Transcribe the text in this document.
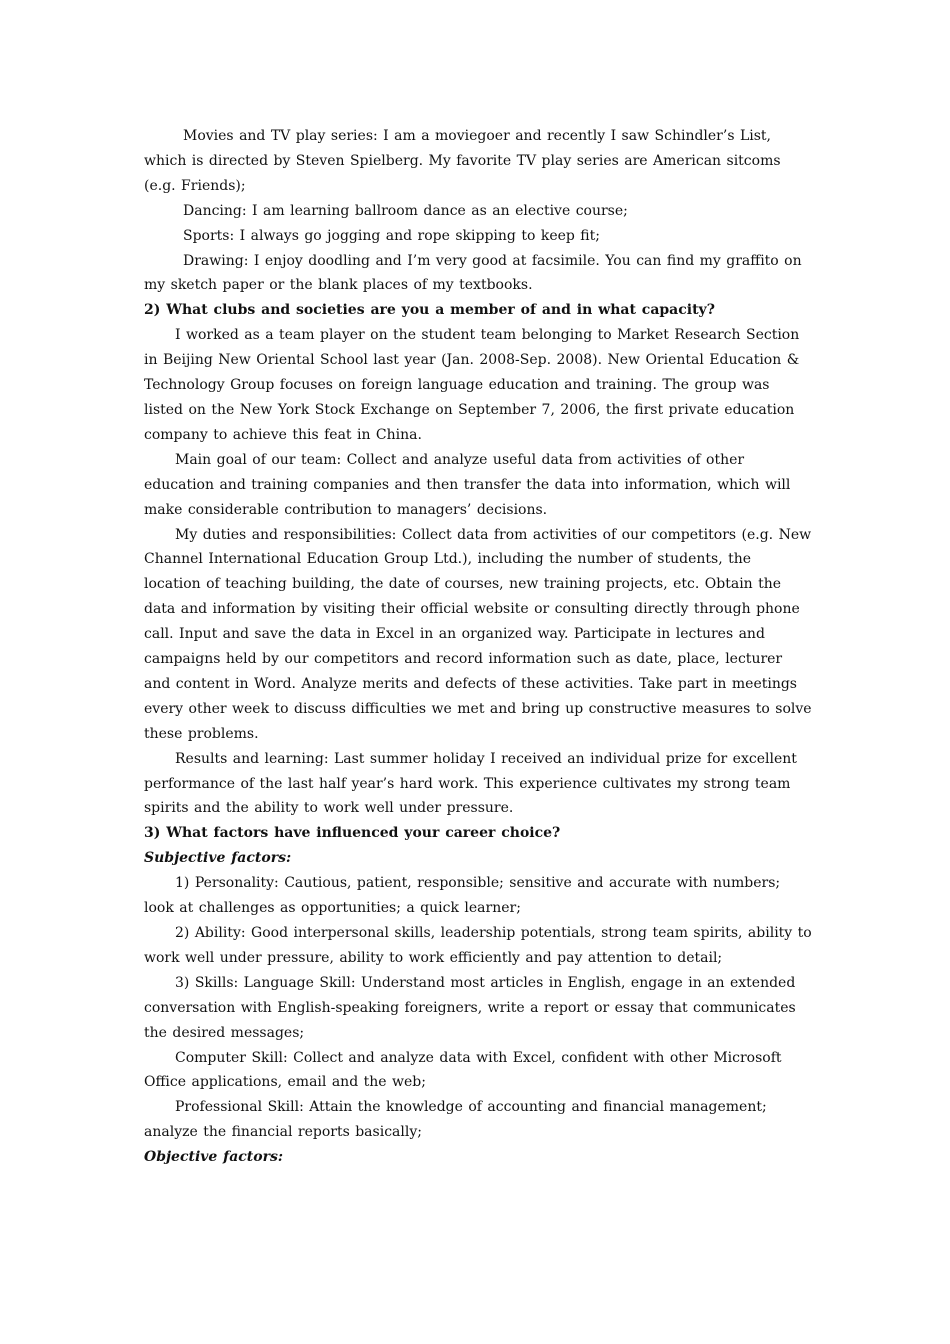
Movies and TV play series: I am a moviegoer and recently I saw Schindler’s List, which is directed by Steven Spielberg. My favorite TV play series are American sitcoms (e.g. Friends);

Dancing: I am learning ballroom dance as an elective course;

Sports: I always go jogging and rope skipping to keep fit;

Drawing: I enjoy doodling and I’m very good at facsimile. You can find my graffito on my sketch paper or the blank places of my textbooks.

2) What clubs and societies are you a member of and in what capacity?

I worked as a team player on the student team belonging to Market Research Section in Beijing New Oriental School last year (Jan. 2008-Sep. 2008). New Oriental Education & Technology Group focuses on foreign language education and training. The group was listed on the New York Stock Exchange on September 7, 2006, the first private education company to achieve this feat in China.

Main goal of our team: Collect and analyze useful data from activities of other education and training companies and then transfer the data into information, which will make considerable contribution to managers’ decisions.

My duties and responsibilities: Collect data from activities of our competitors (e.g. New Channel International Education Group Ltd.), including the number of students, the location of teaching building, the date of courses, new training projects, etc. Obtain the data and information by visiting their official website or consulting directly through phone call. Input and save the data in Excel in an organized way. Participate in lectures and campaigns held by our competitors and record information such as date, place, lecturer and content in Word. Analyze merits and defects of these activities. Take part in meetings every other week to discuss difficulties we met and bring up constructive measures to solve these problems.

Results and learning: Last summer holiday I received an individual prize for excellent performance of the last half year’s hard work. This experience cultivates my strong team spirits and the ability to work well under pressure.

3) What factors have influenced your career choice?

Subjective factors:

1) Personality: Cautious, patient, responsible; sensitive and accurate with numbers; look at challenges as opportunities; a quick learner;

2) Ability: Good interpersonal skills, leadership potentials, strong team spirits, ability to work well under pressure, ability to work efficiently and pay attention to detail;

3) Skills: Language Skill: Understand most articles in English, engage in an extended conversation with English-speaking foreigners, write a report or essay that communicates the desired messages;

Computer Skill: Collect and analyze data with Excel, confident with other Microsoft Office applications, email and the web;

Professional Skill: Attain the knowledge of accounting and financial management; analyze the financial reports basically;

Objective factors:
